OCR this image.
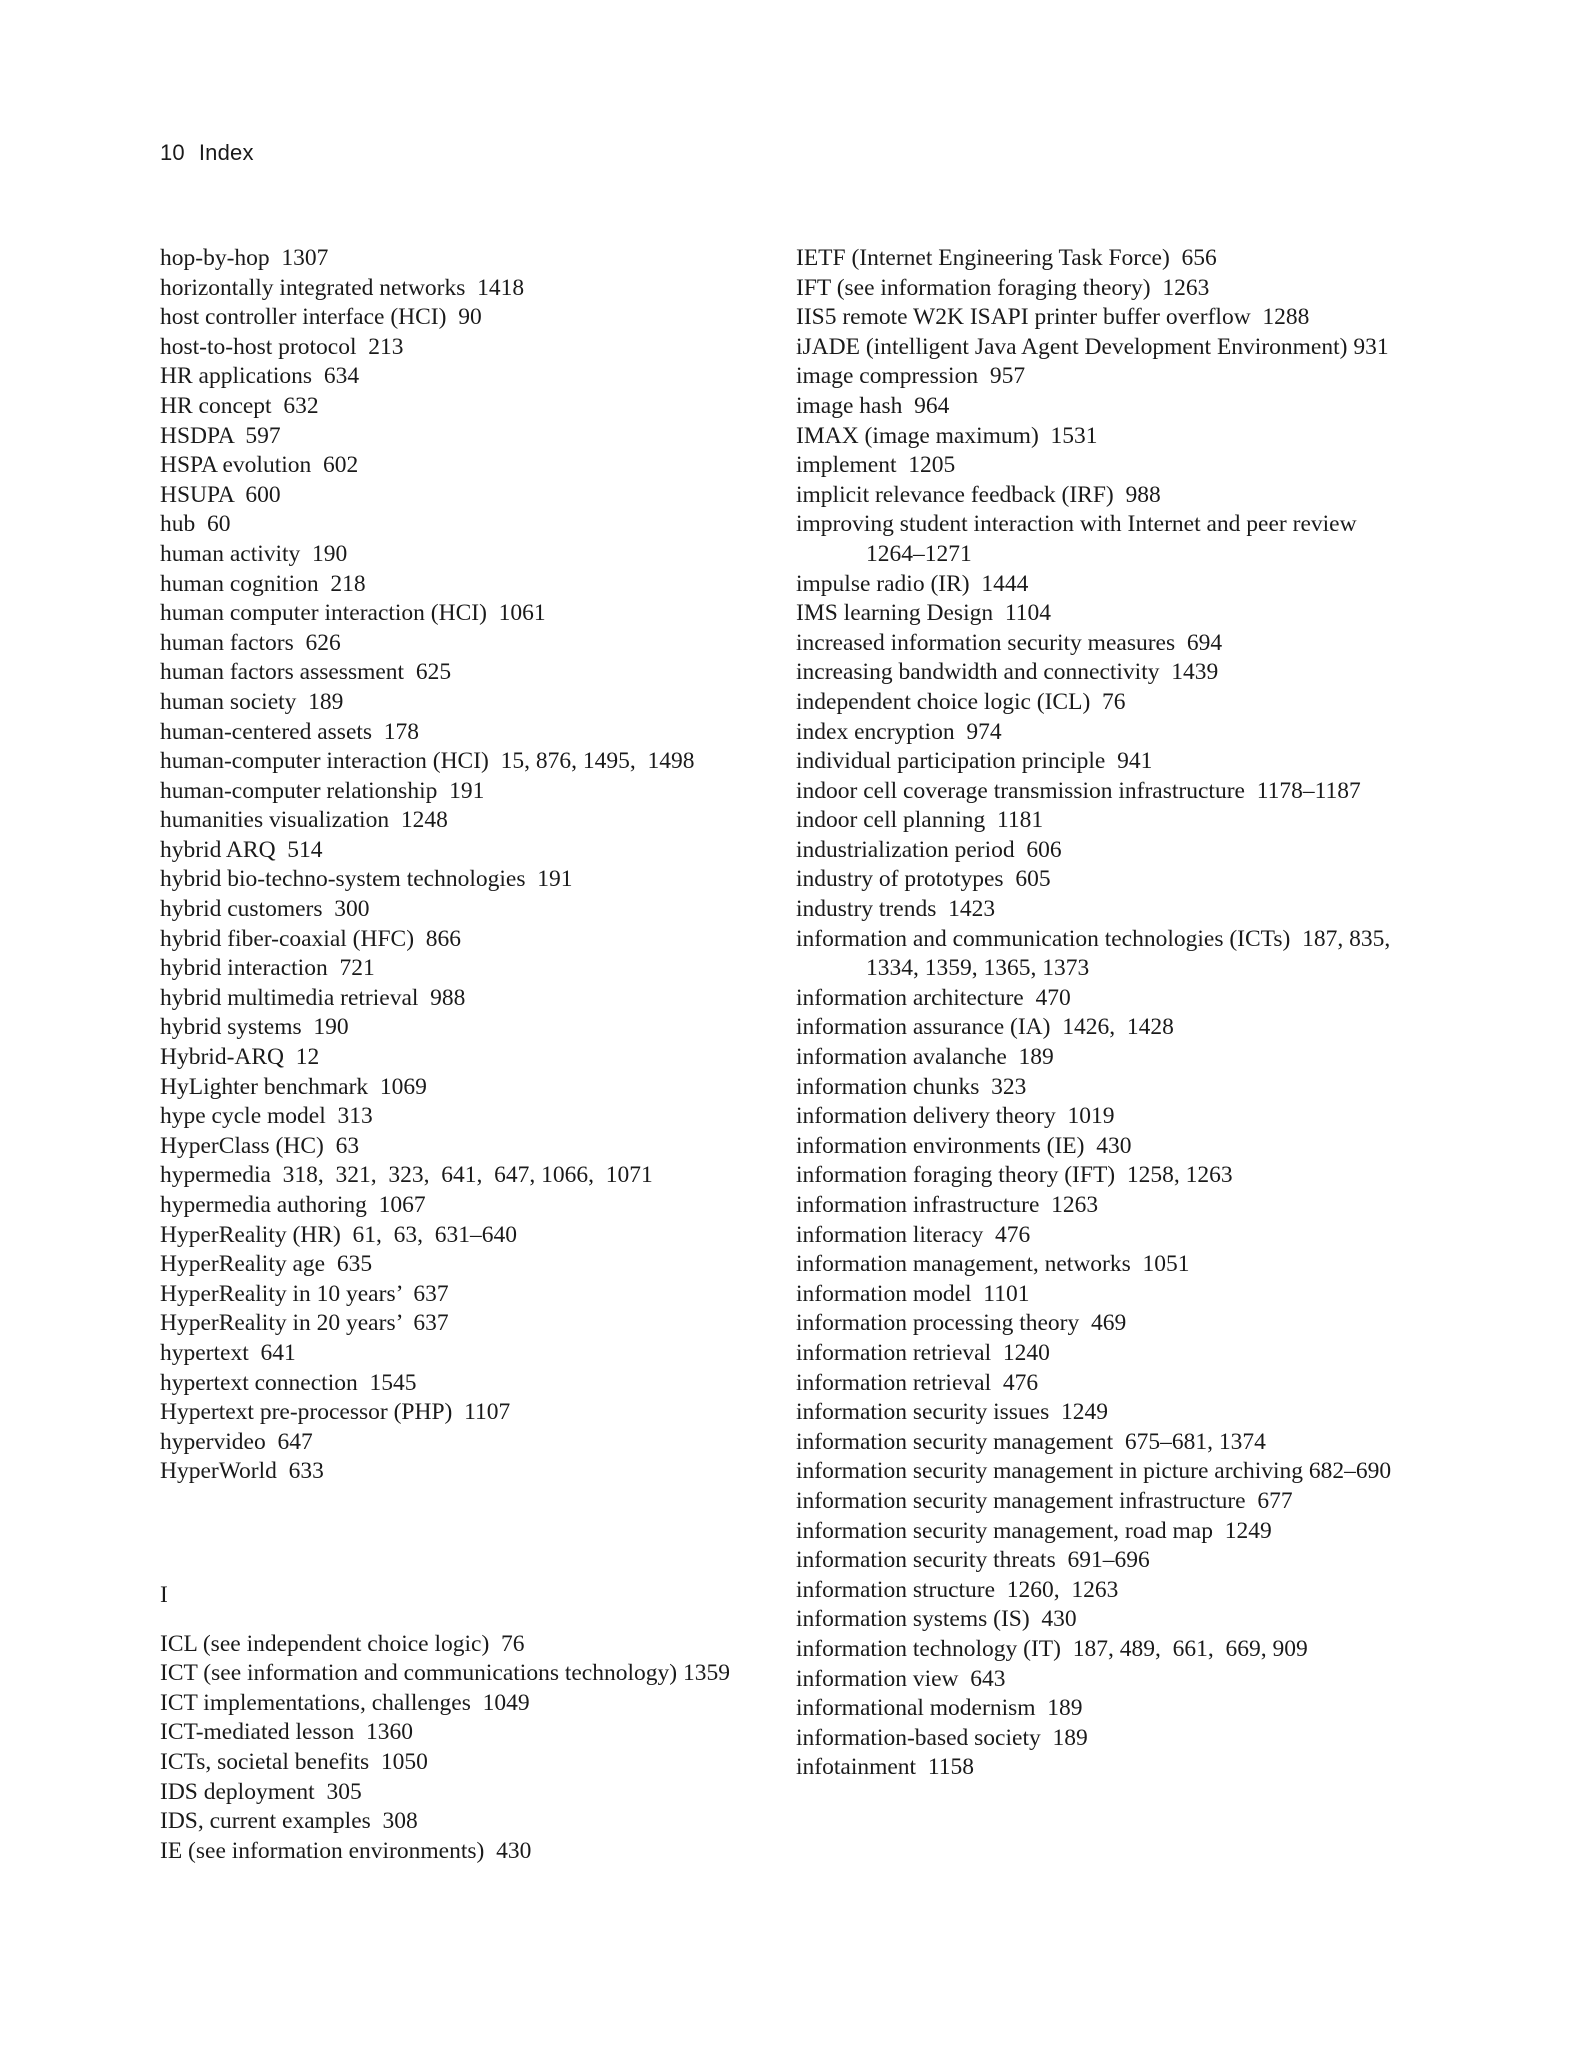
10 Index
hop-by-hop  1307
horizontally integrated networks  1418
host controller interface (HCI)  90
host-to-host protocol  213
HR applications  634
HR concept  632
HSDPA  597
HSPA evolution  602
HSUPA  600
hub  60
human activity  190
human cognition  218
human computer interaction (HCI)  1061
human factors  626
human factors assessment  625
human society  189
human-centered assets  178
human-computer interaction (HCI)  15, 876, 1495,  1498
human-computer relationship  191
humanities visualization  1248
hybrid ARQ  514
hybrid bio-techno-system technologies  191
hybrid customers  300
hybrid fiber-coaxial (HFC)  866
hybrid interaction  721
hybrid multimedia retrieval  988
hybrid systems  190
Hybrid-ARQ  12
HyLighter benchmark  1069
hype cycle model  313
HyperClass (HC)  63
hypermedia  318,  321,  323,  641,  647, 1066,  1071
hypermedia authoring  1067
HyperReality (HR)  61,  63,  631–640
HyperReality age  635
HyperReality in 10 years’  637
HyperReality in 20 years’  637
hypertext  641
hypertext connection  1545
Hypertext pre-processor (PHP)  1107
hypervideo  647
HyperWorld  633
I
ICL (see independent choice logic)  76
ICT (see information and communications technology) 1359
ICT implementations, challenges  1049
ICT-mediated lesson  1360
ICTs, societal benefits  1050
IDS deployment  305
IDS, current examples  308
IE (see information environments)  430
IETF (Internet Engineering Task Force)  656
IFT (see information foraging theory)  1263
IIS5 remote W2K ISAPI printer buffer overflow  1288
iJADE (intelligent Java Agent Development Environment) 931
image compression  957
image hash  964
IMAX (image maximum)  1531
implement  1205
implicit relevance feedback (IRF)  988
improving student interaction with Internet and peer review 1264–1271
impulse radio (IR)  1444
IMS learning Design  1104
increased information security measures  694
increasing bandwidth and connectivity  1439
independent choice logic (ICL)  76
index encryption  974
individual participation principle  941
indoor cell coverage transmission infrastructure  1178–1187
indoor cell planning  1181
industrialization period  606
industry of prototypes  605
industry trends  1423
information and communication technologies (ICTs)  187, 835, 1334, 1359, 1365, 1373
information architecture  470
information assurance (IA)  1426,  1428
information avalanche  189
information chunks  323
information delivery theory  1019
information environments (IE)  430
information foraging theory (IFT)  1258, 1263
information infrastructure  1263
information literacy  476
information management, networks  1051
information model  1101
information processing theory  469
information retrieval  1240
information retrieval  476
information security issues  1249
information security management  675–681, 1374
information security management in picture archiving 682–690
information security management infrastructure  677
information security management, road map  1249
information security threats  691–696
information structure  1260,  1263
information systems (IS)  430
information technology (IT)  187, 489,  661,  669, 909
information view  643
informational modernism  189
information-based society  189
infotainment  1158
